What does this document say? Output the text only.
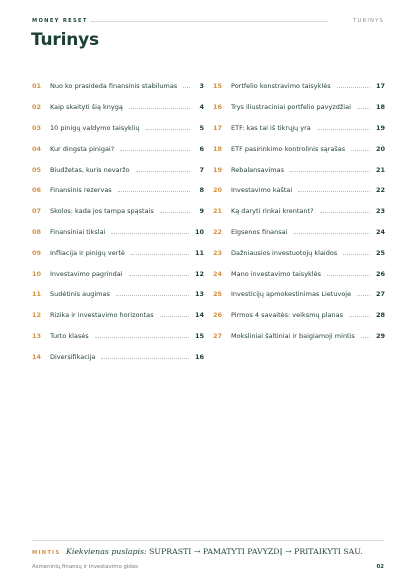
MONEY RESET	TURINYS
Turinys
01	Nuo ko prasideda finansinis stabilumas	3
02	Kaip skaityti šią knygą	4
03	10 pinigų valdymo taisyklių	5
04	Kur dingsta pinigai?	6
05	Biudžetas, kuris nevaržo	7
06	Finansinis rezervas	8
07	Skolos: kada jos tampa spąstais	9
08	Finansiniai tikslai	10
09	Infliacija ir pinigų vertė	11
10	Investavimo pagrindai	12
11	Sudėtinis augimas	13
12	Rizika ir investavimo horizontas	14
13	Turto klasės	15
14	Diversifikacija	16
15	Portfelio konstravimo taisyklės	17
16	Trys iliustraciniai portfelio pavyzdžiai	18
17	ETF: kas tai iš tikrųjų yra	19
18	ETF pasirinkimo kontrolinis sąrašas	20
19	Rebalansavimas	21
20	Investavimo kaštai	22
21	Ką daryti rinkai krentant?	23
22	Elgsenos finansai	24
23	Dažniausios investuotojų klaidos	25
24	Mano investavimo taisyklės	26
25	Investicijų apmokestinimas Lietuvoje	27
26	Pirmos 4 savaitės: veiksmų planas	28
27	Moksliniai šaltiniai ir baigiamoji mintis	29
MINTIS Kiekvienas puslapis: SUPRASTI → PAMATYTI PAVYZDĮ → PRITAIKYTI SAU.
Asmeninių finansų ir investavimo gidas	02
